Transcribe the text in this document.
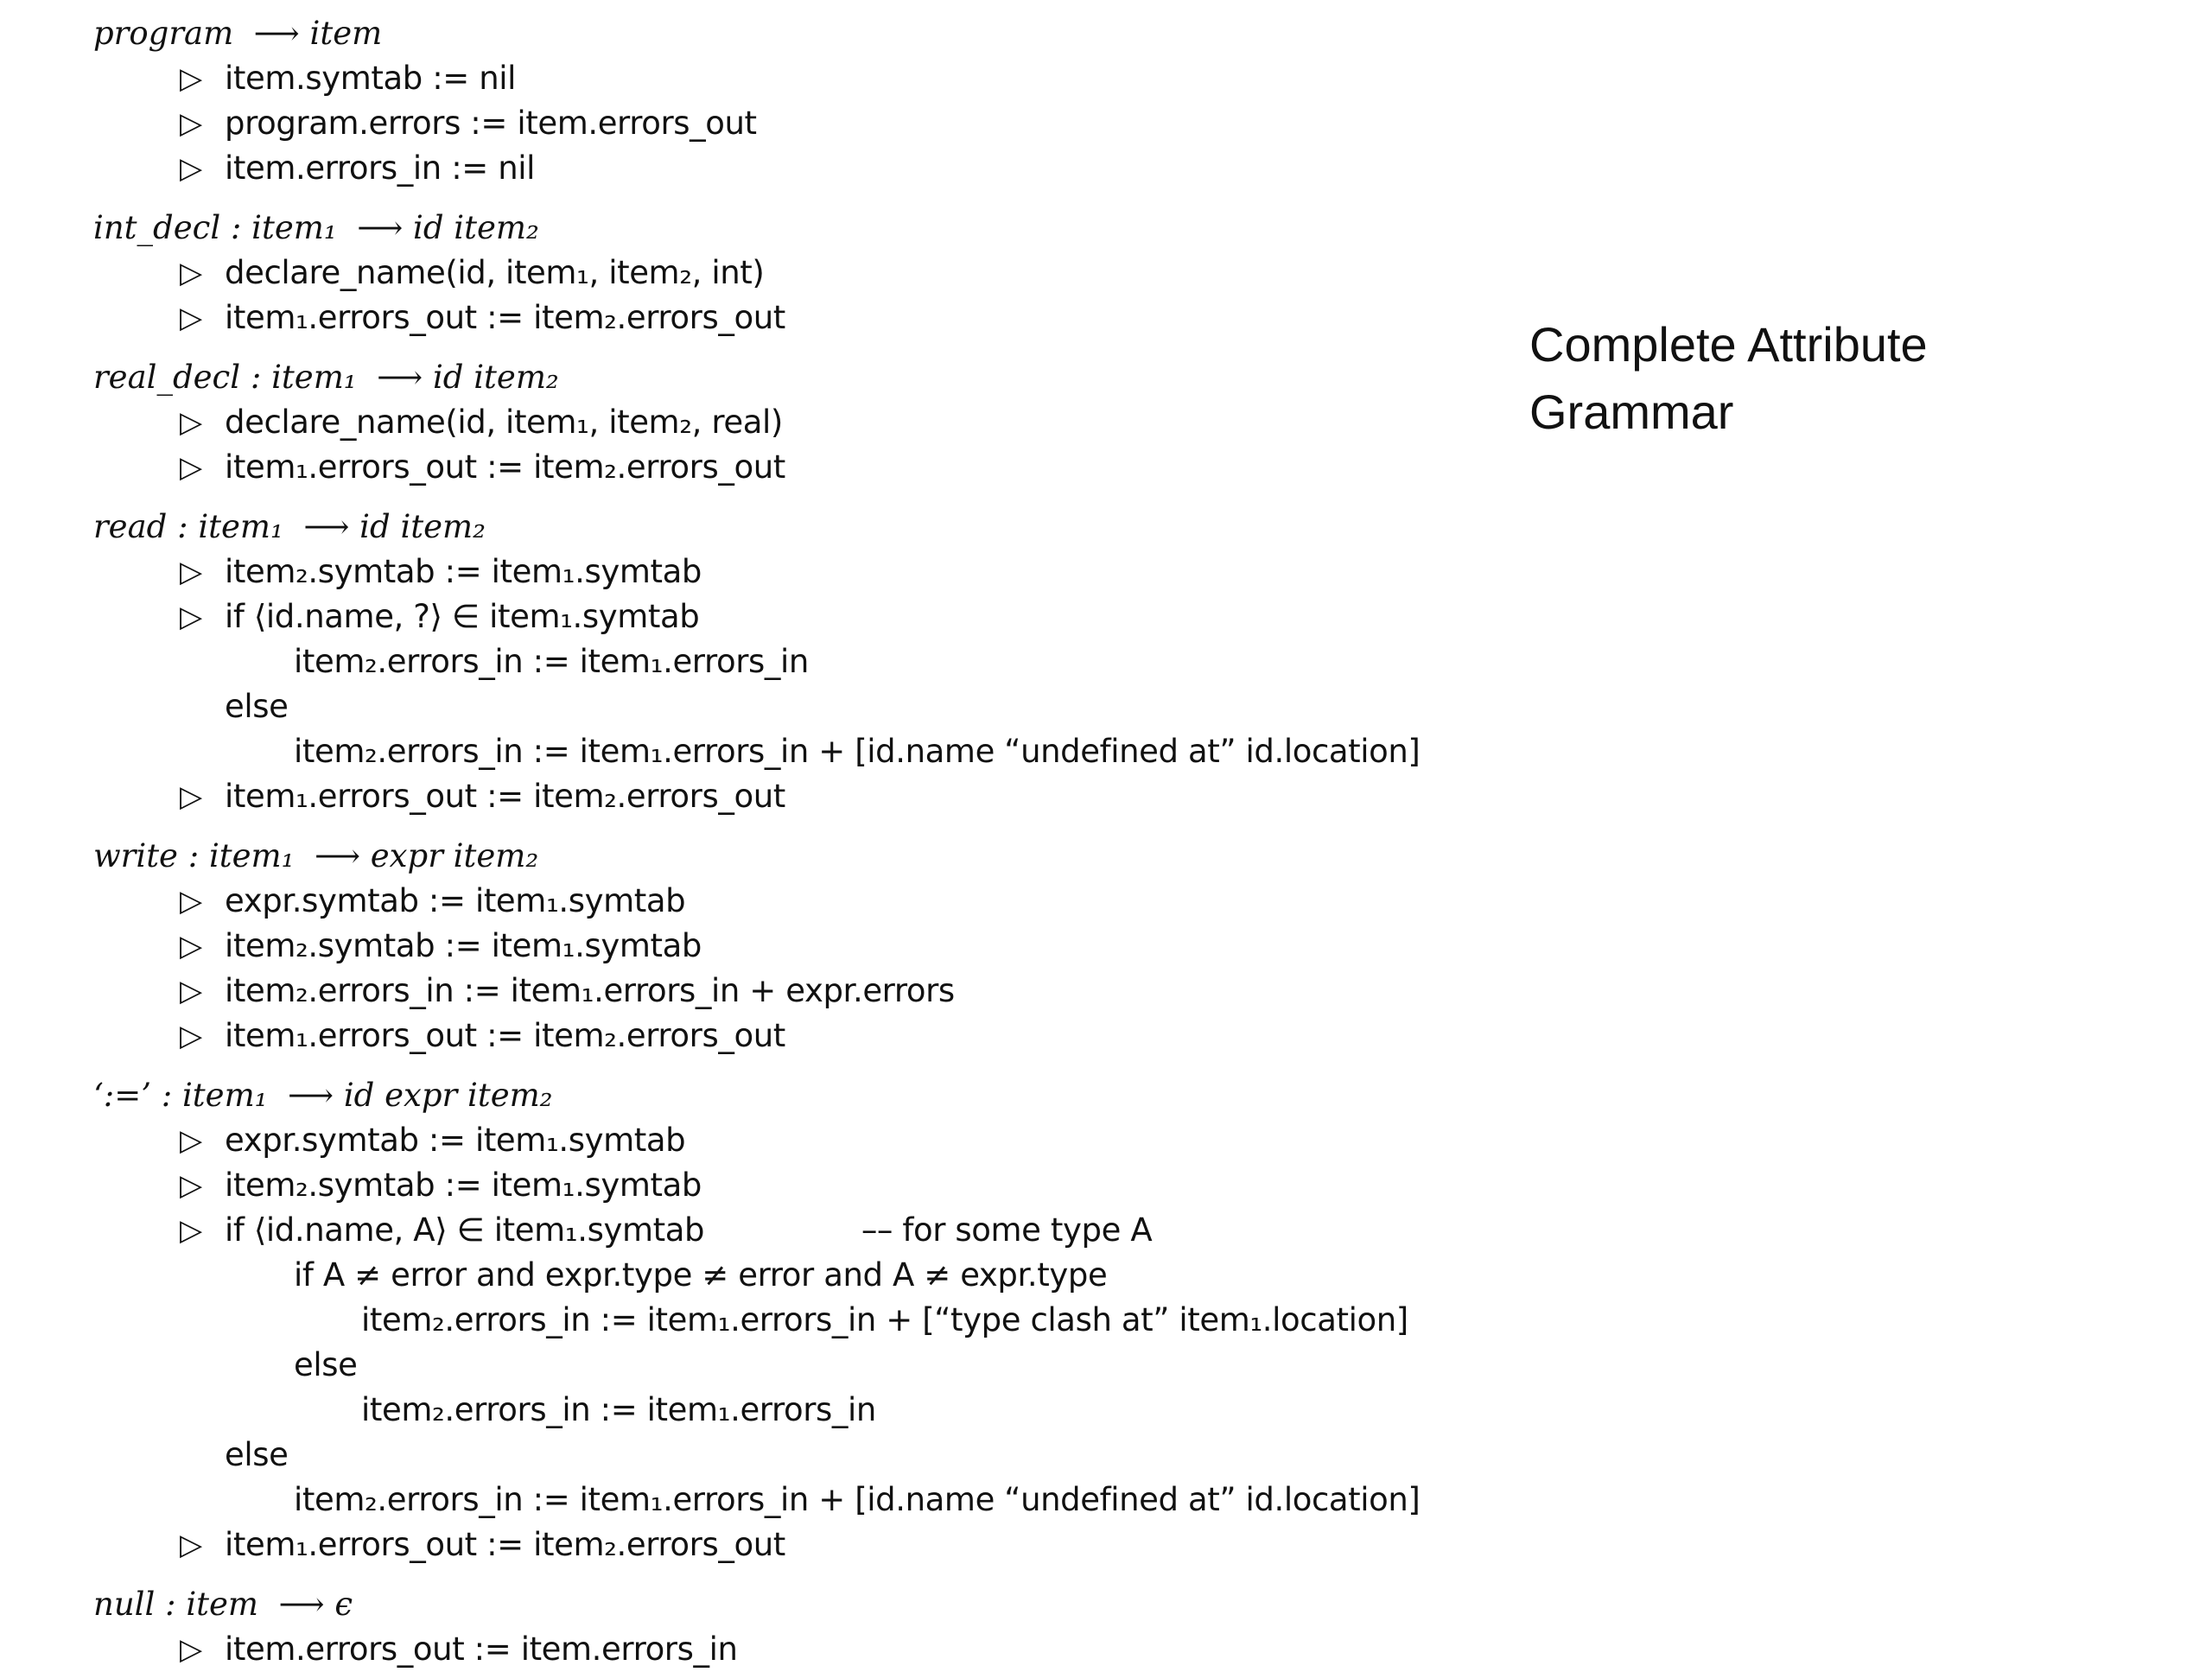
program  ⟶ item
▷ item.symtab := nil
▷ program.errors := item.errors_out
▷ item.errors_in := nil
int_decl : item₁  ⟶ id item₂
▷ declare_name(id, item₁, item₂, int)
▷ item₁.errors_out := item₂.errors_out
real_decl : item₁  ⟶ id item₂
▷ declare_name(id, item₁, item₂, real)
▷ item₁.errors_out := item₂.errors_out
read : item₁  ⟶ id item₂
▷ item₂.symtab := item₁.symtab
▷ if ⟨id.name, ?⟩ ∈ item₁.symtab
item₂.errors_in := item₁.errors_in
else
item₂.errors_in := item₁.errors_in + [id.name “undefined at” id.location]
▷ item₁.errors_out := item₂.errors_out
write : item₁  ⟶ expr item₂
▷ expr.symtab := item₁.symtab
▷ item₂.symtab := item₁.symtab
▷ item₂.errors_in := item₁.errors_in + expr.errors
▷ item₁.errors_out := item₂.errors_out
‘:=’ : item₁  ⟶ id expr item₂
▷ expr.symtab := item₁.symtab
▷ item₂.symtab := item₁.symtab
▷ if ⟨id.name, A⟩ ∈ item₁.symtab                –– for some type A
if A ≠ error and expr.type ≠ error and A ≠ expr.type
item₂.errors_in := item₁.errors_in + [“type clash at” item₁.location]
else
item₂.errors_in := item₁.errors_in
else
item₂.errors_in := item₁.errors_in + [id.name “undefined at” id.location]
▷ item₁.errors_out := item₂.errors_out
null : item  ⟶ ϵ
▷ item.errors_out := item.errors_in
Complete Attribute Grammar
